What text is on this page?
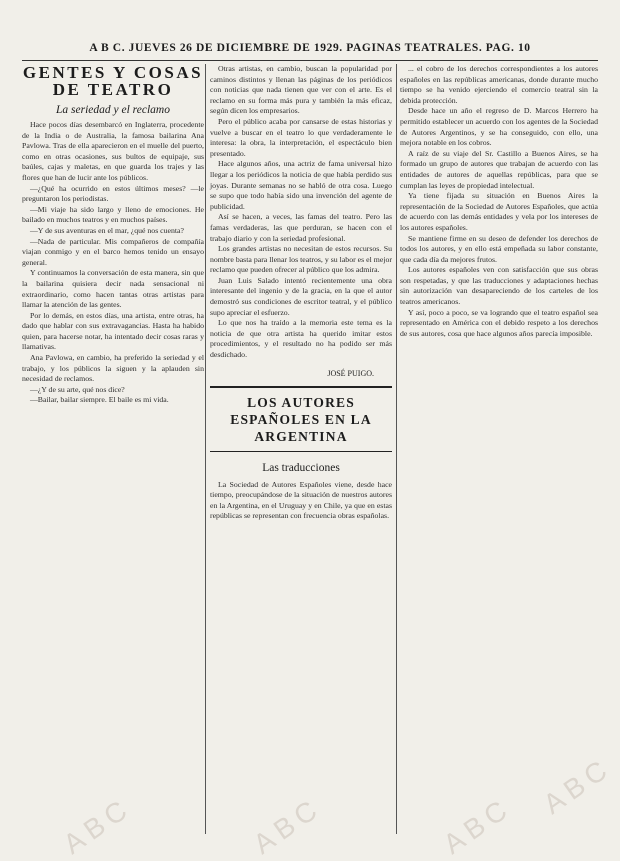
A B C. JUEVES 26 DE DICIEMBRE DE 1929. PAGINAS TEATRALES. PAG. 10
GENTES Y COSAS DE TEATRO
La seriedad y el reclamo

Hace pocos días desembarcó en Inglaterra, procedente de la India o de Australia, la famosa bailarina Ana Pavlowa. Tras de ella aparecieron en el muelle del puerto, como en otras ocasiones, sus bultos de equipaje, sus baúles, cajas y maletas, en que guarda los trajes y las flores que han de lucir ante los públicos.

—¿Qué ha ocurrido en estos últimos meses? —le preguntaron los periodistas.

—Mi viaje ha sido largo y lleno de emociones. He bailado en muchos teatros y en muchos países.

—Y de sus aventuras en el mar, ¿qué nos cuenta?

—Nada de particular. Mis compañeros de compañía viajan conmigo y en el barco hemos tenido un ensayo general.

Y continuamos la conversación de esta manera, sin que la bailarina quisiera decir nada sensacional ni extraordinario, como hacen tantas otras artistas para llamar la atención de las gentes.

Por lo demás, en estos días, una artista, entre otras, ha dado que hablar con sus extravagancias. Hasta ha habido quien, para hacerse notar, ha intentado decir cosas raras y llamativas.

Ana Pavlowa, en cambio, ha preferido la seriedad y el trabajo, y los públicos la siguen y la aplauden sin necesidad de reclamos.

—¿Y de su arte, qué nos dice?

—Bailar, bailar siempre. El baile es mi vida.

Otras artistas, en cambio, buscan la popularidad por caminos distintos y llenan las páginas de los periódicos con noticias que nada tienen que ver con el arte. Es el reclamo en su forma más pura y también la más eficaz, según dicen los empresarios.

Pero el público acaba por cansarse de estas historias y vuelve a buscar en el teatro lo que verdaderamente le interesa: la obra, la interpretación, el espectáculo bien presentado.

Hace algunos años, una actriz de fama universal hizo llegar a los periódicos la noticia de que había perdido sus joyas. Durante semanas no se habló de otra cosa. Luego se supo que todo había sido una invención del agente de publicidad.

Así se hacen, a veces, las famas del teatro. Pero las famas verdaderas, las que perduran, se hacen con el trabajo diario y con la seriedad profesional.

Los grandes artistas no necesitan de estos recursos. Su nombre basta para llenar los teatros, y su labor es el mejor reclamo que pueden ofrecer al público que los admira.

Juan Luis Salado intentó recientemente una obra interesante del ingenio y de la gracia, en la que el autor demostró sus condiciones de escritor teatral, y el público supo apreciar el esfuerzo.

Lo que nos ha traído a la memoria este tema es la noticia de que otra artista ha querido imitar estos procedimientos, y el resultado no ha podido ser más desdichado.

JOSÉ PUIGO.
LOS AUTORES ESPAÑOLES EN LA ARGENTINA
Las traducciones

La Sociedad de Autores Españoles viene, desde hace tiempo, preocupándose de la situación de nuestros autores en la Argentina, en el Uruguay y en Chile, ya que en estas repúblicas se representan con frecuencia obras españolas.

... el cobro de los derechos correspondientes a los autores españoles en las repúblicas americanas, donde durante mucho tiempo se ha venido ejerciendo el comercio teatral sin la debida protección.

Desde hace un año el regreso de D. Marcos Herrero ha permitido establecer un acuerdo con los agentes de la Sociedad de Autores Argentinos, y se ha conseguido, con ello, una mejora notable en los cobros.

A raíz de su viaje del Sr. Castillo a Buenos Aires, se ha formado un grupo de autores que trabajan de acuerdo con las entidades de autores de aquellas repúblicas, para que se cumplan las leyes de propiedad intelectual.

Ya tiene fijada su situación en Buenos Aires la representación de la Sociedad de Autores Españoles, que actúa de acuerdo con las demás entidades y vela por los intereses de los autores españoles.

Se mantiene firme en su deseo de defender los derechos de todos los autores, y en ello está empeñada su labor constante, que cada día da mejores frutos.

Los autores españoles ven con satisfacción que sus obras son respetadas, y que las traducciones y adaptaciones hechas sin autorización van desapareciendo de los carteles de los teatros americanos.

Y así, poco a poco, se va logrando que el teatro español sea representado en América con el debido respeto a los derechos de sus autores, cosa que hace algunos años parecía imposible.

ABC	ABC	ABC
ABC
